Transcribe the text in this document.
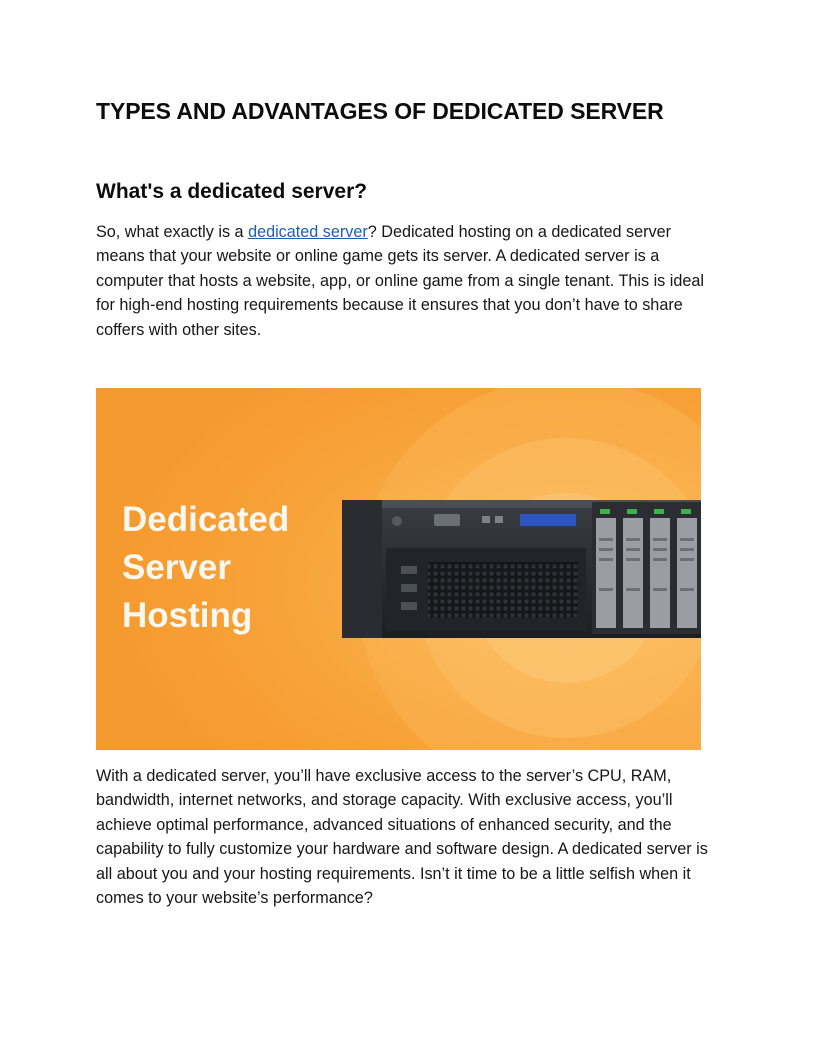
TYPES AND ADVANTAGES OF DEDICATED SERVER
What's a dedicated server?

So, what exactly is a dedicated server? Dedicated hosting on a dedicated server means that your website or online game gets its server. A dedicated server is a computer that hosts a website, app, or online game from a single tenant. This is ideal for high-end hosting requirements because it ensures that you don’t have to share coffers with other sites.

Dedicated
Server
Hosting

With a dedicated server, you’ll have exclusive access to the server’s CPU, RAM, bandwidth, internet networks, and storage capacity. With exclusive access, you’ll achieve optimal performance, advanced situations of enhanced security, and the capability to fully customize your hardware and software design. A dedicated server is all about you and your hosting requirements. Isn’t it time to be a little selfish when it comes to your website’s performance?
